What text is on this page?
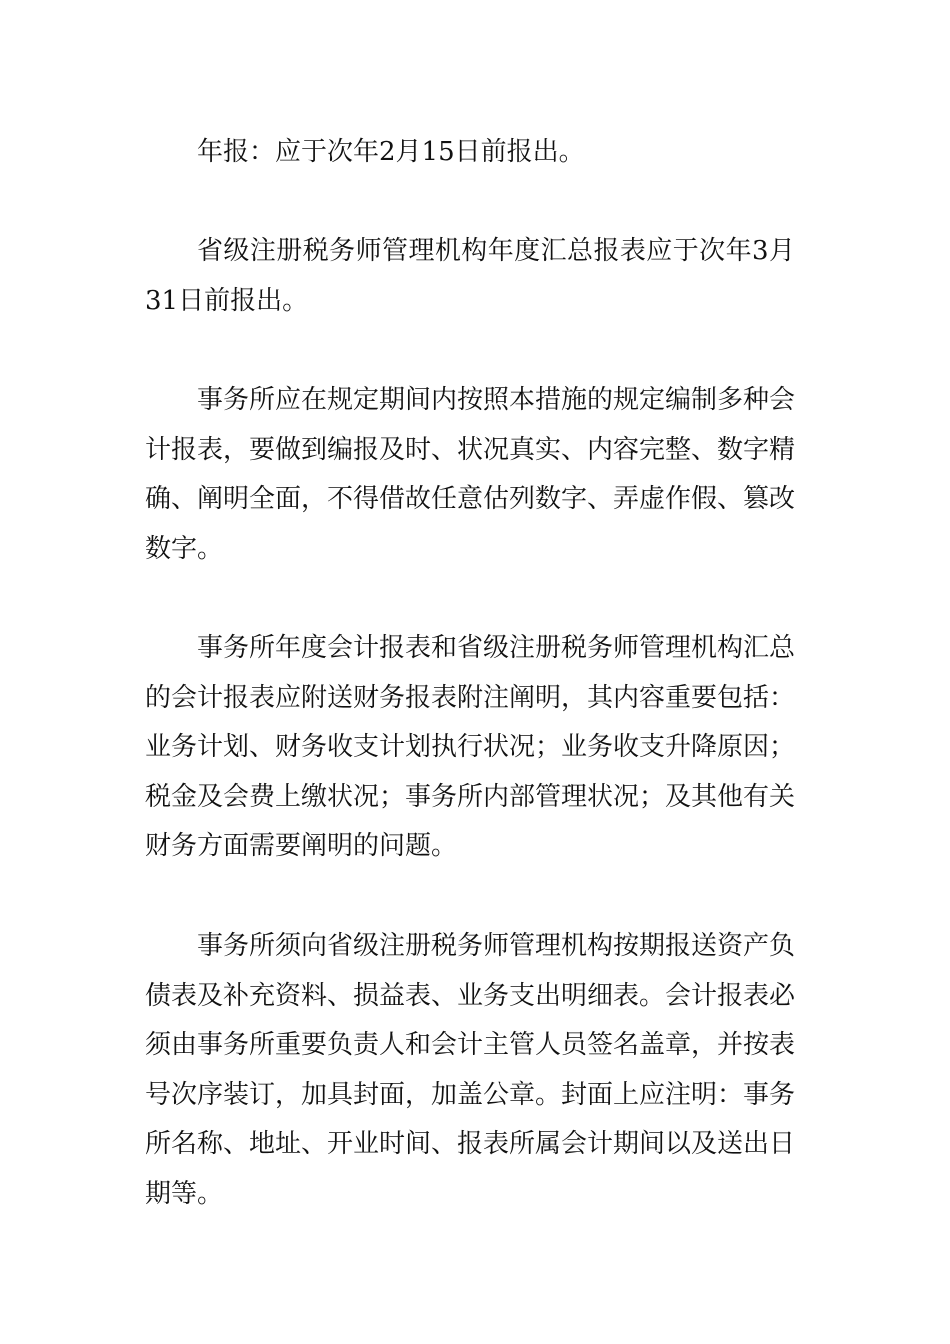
年报：应于次年2月15日前报出。

省级注册税务师管理机构年度汇总报表应于次年3月31日前报出。

事务所应在规定期间内按照本措施的规定编制多种会计报表，要做到编报及时、状况真实、内容完整、数字精确、阐明全面，不得借故任意估列数字、弄虚作假、篡改数字。

事务所年度会计报表和省级注册税务师管理机构汇总的会计报表应附送财务报表附注阐明，其内容重要包括：业务计划、财务收支计划执行状况；业务收支升降原因；税金及会费上缴状况；事务所内部管理状况；及其他有关财务方面需要阐明的问题。

事务所须向省级注册税务师管理机构按期报送资产负债表及补充资料、损益表、业务支出明细表。会计报表必须由事务所重要负责人和会计主管人员签名盖章，并按表号次序装订，加具封面，加盖公章。封面上应注明：事务所名称、地址、开业时间、报表所属会计期间以及送出日期等。
